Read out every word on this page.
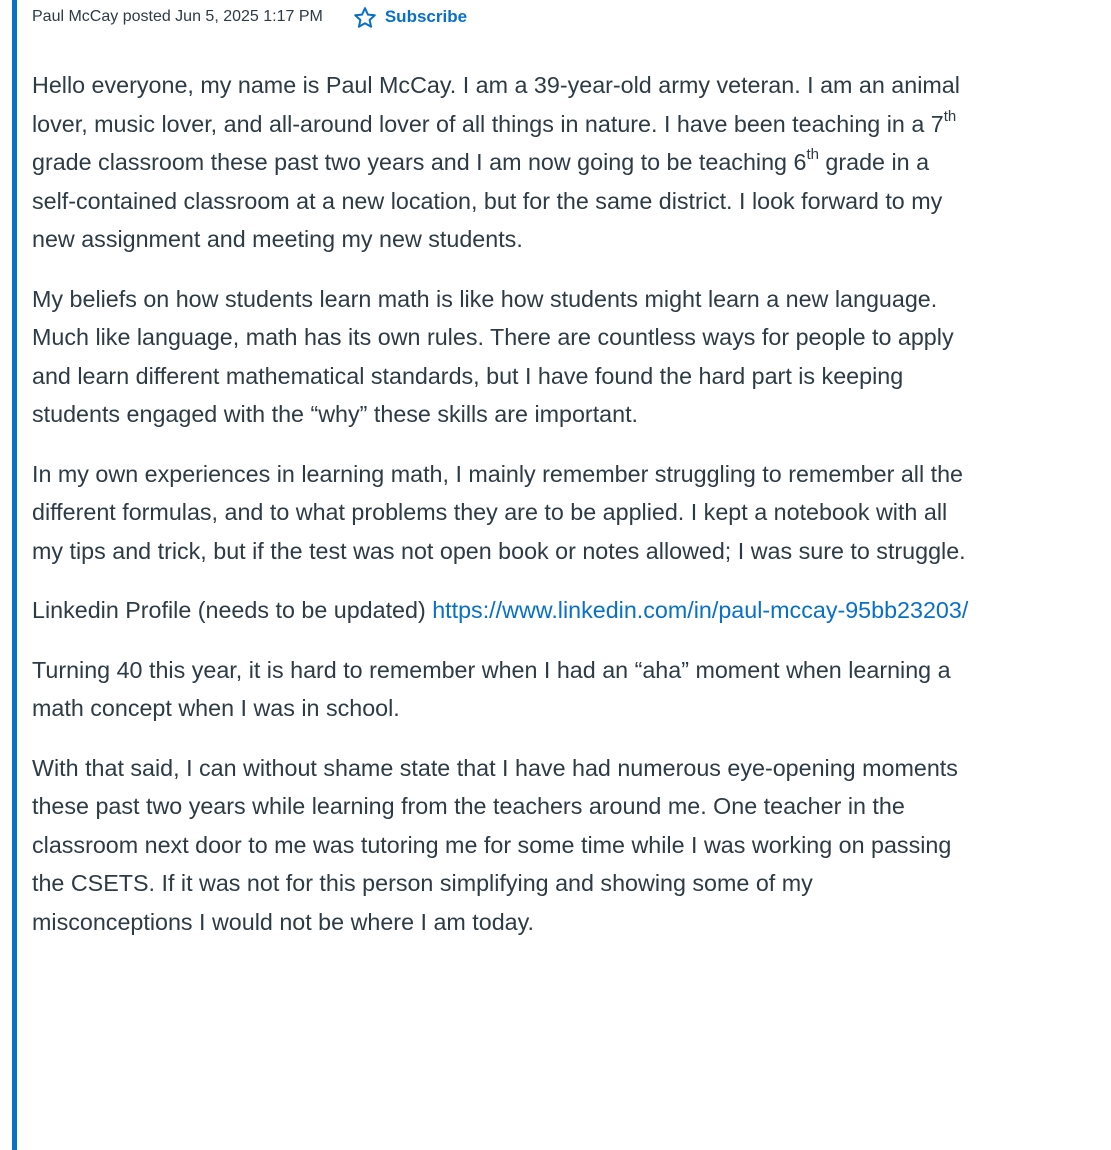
Paul McCay posted Jun 5, 2025 1:17 PM	Subscribe

Hello everyone, my name is Paul McCay. I am a 39-year-old army veteran. I am an animal lover, music lover, and all-around lover of all things in nature. I have been teaching in a 7th grade classroom these past two years and I am now going to be teaching 6th grade in a self-contained classroom at a new location, but for the same district. I look forward to my new assignment and meeting my new students.

My beliefs on how students learn math is like how students might learn a new language. Much like language, math has its own rules. There are countless ways for people to apply and learn different mathematical standards, but I have found the hard part is keeping students engaged with the “why” these skills are important.

In my own experiences in learning math, I mainly remember struggling to remember all the different formulas, and to what problems they are to be applied. I kept a notebook with all my tips and trick, but if the test was not open book or notes allowed; I was sure to struggle.

Linkedin Profile (needs to be updated) https://www.linkedin.com/in/paul-mccay-95bb23203/

Turning 40 this year, it is hard to remember when I had an “aha” moment when learning a math concept when I was in school.

With that said, I can without shame state that I have had numerous eye-opening moments these past two years while learning from the teachers around me. One teacher in the classroom next door to me was tutoring me for some time while I was working on passing the CSETS. If it was not for this person simplifying and showing some of my misconceptions I would not be where I am today.
